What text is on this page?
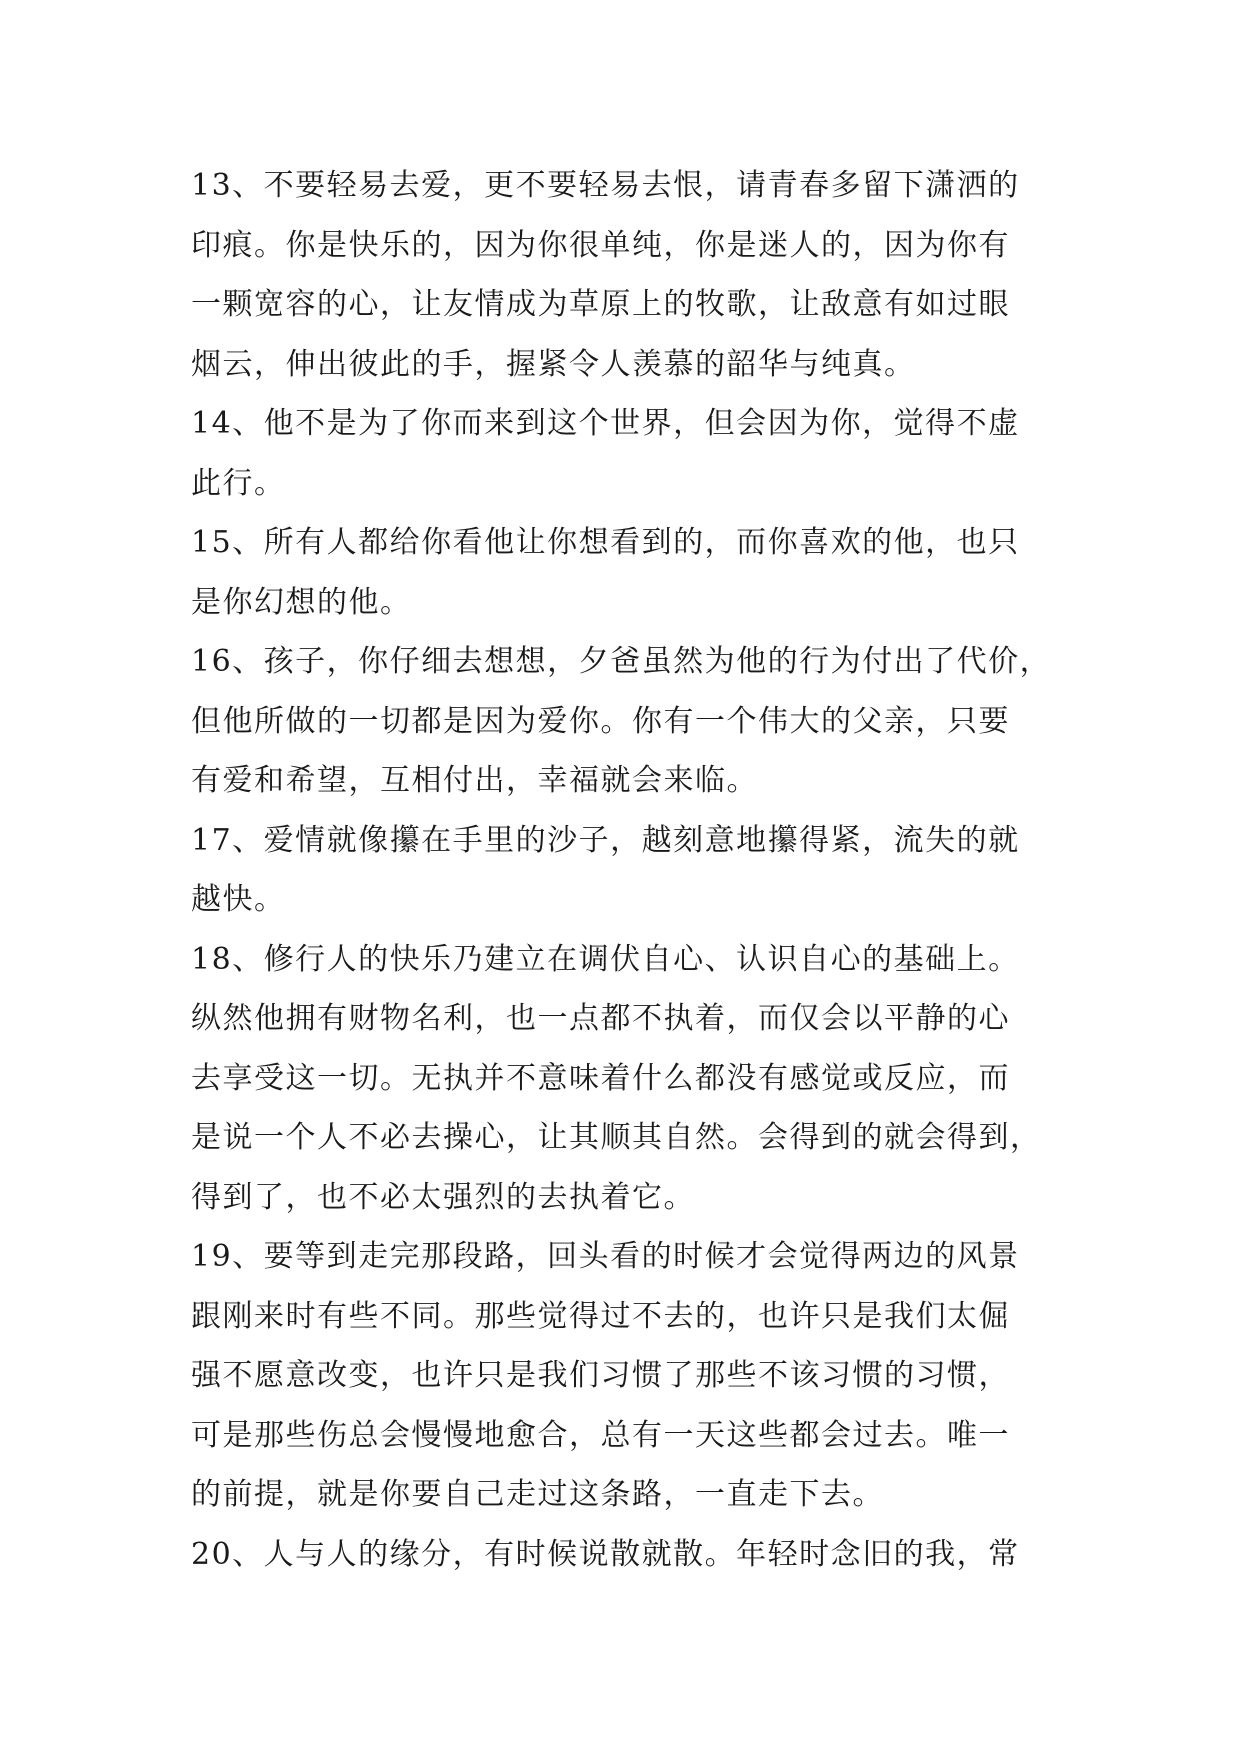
13、不要轻易去爱，更不要轻易去恨，请青春多留下潇洒的
印痕。你是快乐的，因为你很单纯，你是迷人的，因为你有
一颗宽容的心，让友情成为草原上的牧歌，让敌意有如过眼
烟云，伸出彼此的手，握紧令人羡慕的韶华与纯真。
14、他不是为了你而来到这个世界，但会因为你，觉得不虚
此行。
15、所有人都给你看他让你想看到的，而你喜欢的他，也只
是你幻想的他。
16、孩子，你仔细去想想，夕爸虽然为他的行为付出了代价，
但他所做的一切都是因为爱你。你有一个伟大的父亲，只要
有爱和希望，互相付出，幸福就会来临。
17、爱情就像攥在手里的沙子，越刻意地攥得紧，流失的就
越快。
18、修行人的快乐乃建立在调伏自心、认识自心的基础上。
纵然他拥有财物名利，也一点都不执着，而仅会以平静的心
去享受这一切。无执并不意味着什么都没有感觉或反应，而
是说一个人不必去操心，让其顺其自然。会得到的就会得到，
得到了，也不必太强烈的去执着它。
19、要等到走完那段路，回头看的时候才会觉得两边的风景
跟刚来时有些不同。那些觉得过不去的，也许只是我们太倔
强不愿意改变，也许只是我们习惯了那些不该习惯的习惯，
可是那些伤总会慢慢地愈合，总有一天这些都会过去。唯一
的前提，就是你要自己走过这条路，一直走下去。
20、人与人的缘分，有时候说散就散。年轻时念旧的我，常
